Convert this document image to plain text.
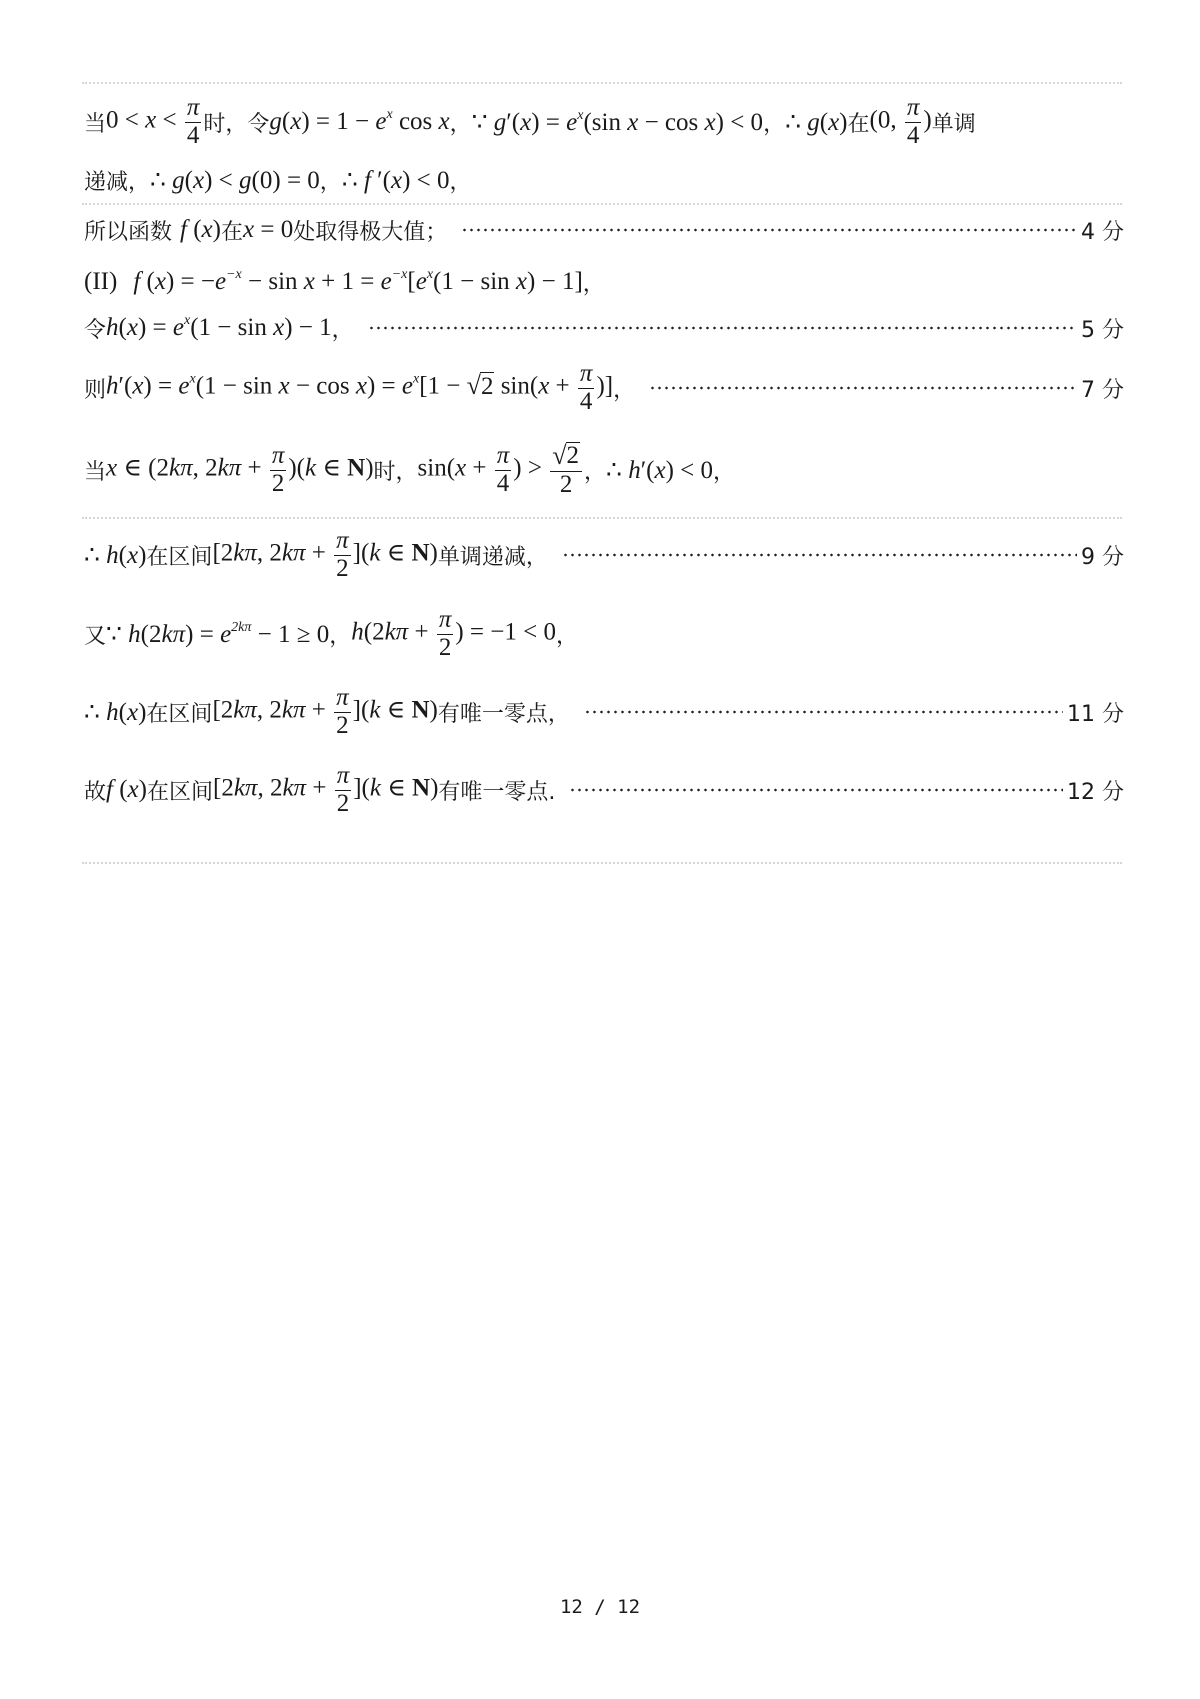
当 $0 < x < \frac{\pi}{4}$ 时，令 $g(x) = 1 - e^x$ cos x ， ∵ $g'(x) = e^x(\sin$ x − cos x) < 0 ， ∴ g(x) 在 (0, $\frac{\pi}{4}$ ) 单调
递减， ∴ g(x) < g(0) = 0 ， ∴ f ′(x) < 0 ，
所以函数 f (x) 在 x = 0 处取得极大值；	4 分
(II) f $(x) = -e^{-x} - \sin x + 1 = e^{-x}[e^x(1 - \sin x) - 1]$ ，
令 $h(x) = e^x(1 - \sin x) - 1$ ，	5 分
则 $h'(x) = e^x(1 - \sin x - \cos x) = e^x[1$ − √ 2 $\sin(x + \frac{\pi}{4}$ )] ，	7 分
当 x ∈ (2kπ, $2k\pi + \frac{\pi}{2} )(k$ ∈ N) 时， $\sin(x + \frac{\pi}{4}$ ) > $\frac{√ 2}{2}$ ， ∴ h′(x) < 0 ，
∴ h(x) 在区间 [2kπ, $2k\pi + \frac{\pi}{2} ](k$ ∈ N) 单调递减，	9 分
又 ∵ $h(2k\pi) = e^{2k\pi} - 1 \ge 0$ ， $h(2k\pi + \frac{\pi}{2}$ ) = −1 < 0 ，
∴ h(x) 在区间 [2kπ, $2k\pi + \frac{\pi}{2} ](k$ ∈ N) 有唯一零点，	11 分
故 f (x) 在区间 [2kπ, $2k\pi + \frac{\pi}{2} ](k$ ∈ N) 有唯一零点.	12 分
12 / 12
